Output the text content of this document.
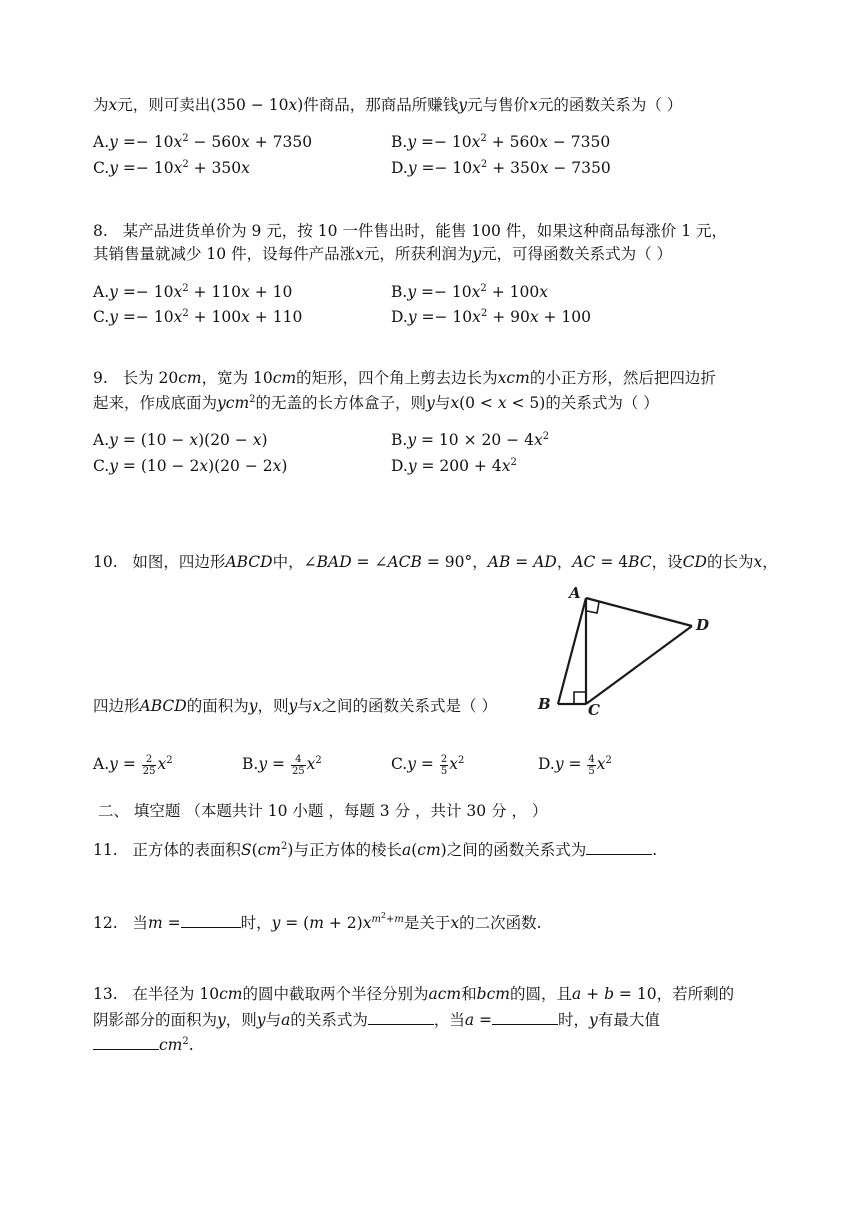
为x元，则可卖出(350 − 10x)件商品，那商品所赚钱y元与售价x元的函数关系为（ ）
$A.y =- 10x^2 - 560x + 7350$	$B.y =- 10x^2 + 560x - 7350$
$C.y =- 10x^2 + 350x$	$D.y =- 10x^2 + 350x - 7350$
8.   某产品进货单价为 9 元，按 10 一件售出时，能售 100 件，如果这种商品每涨价 1 元，
其销售量就减少 10 件，设每件产品涨x元，所获利润为y元，可得函数关系式为（ ）
$A.y =- 10x^2 + 110x + 10$	$B.y =- 10x^2 + 100x$
$C.y =- 10x^2 + 100x + 110$	$D.y =- 10x^2 + 90x + 100$
9.   长为 20cm，宽为 10cm的矩形，四个角上剪去边长为xcm的小正方形，然后把四边折
起来，作成底面为ycm$^2$的无盖的长方体盒子，则y与x(0 < x < 5)的关系式为（ ）
A.y = (10 − x)(20 − x)	$B.y = 10 \times 20 - 4x^2$
C.y = (10 − 2x)(20 − 2x)	$D.y = 200 + 4x^2$
10.   如图，四边形ABCD中，∠BAD = ∠ACB = 90°，AB = AD，AC = 4BC，设CD的长为x，
A
B C
D
四边形ABCD的面积为y，则y与x之间的函数关系式是（ ）
$A.y = \frac{2}{25} x^2$	$B.y = \frac{4}{25} x^2$	$C.y = \frac{2}{5} x^2$	$D.y = \frac{4}{5} x^2$
二、 填空题 （本题共计 10 小题 ，每题 3 分 ，共计 30 分 ， ）
11.   正方体的表面积$S(cm^2)$与正方体的棱长a(cm)之间的函数关系式为	.
12.   当m =	时，$y = (m + 2)x^{m^2+m}$是关于x的二次函数.
13.   在半径为 10cm的圆中截取两个半径分别为acm和bcm的圆，且a + b = 10，若所剩的
阴影部分的面积为y，则y与a的关系式为	，当a =	时，y有最大值
$cm^2$.
